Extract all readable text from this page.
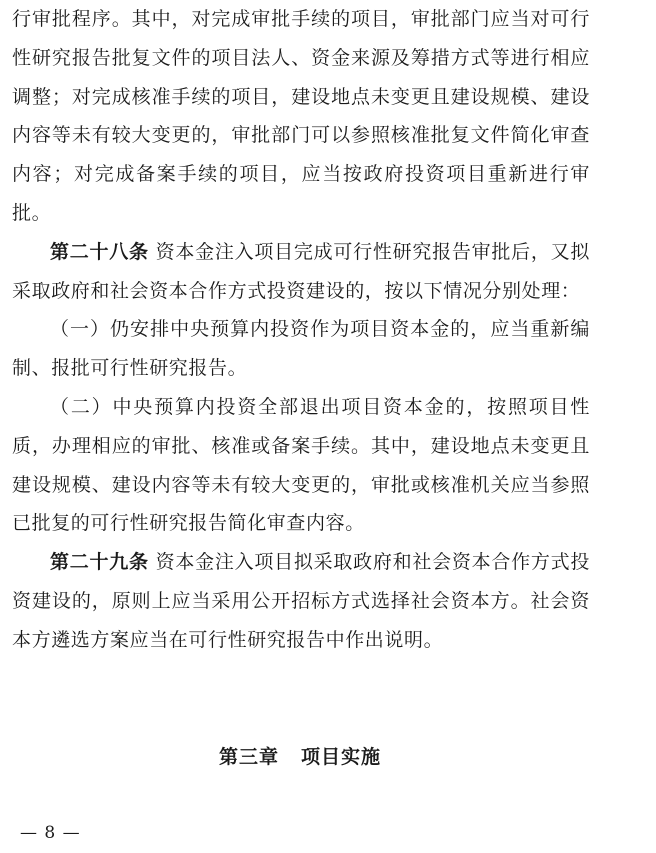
行审批程序。其中，对完成审批手续的项目，审批部门应当对可行性研究报告批复文件的项目法人、资金来源及筹措方式等进行相应调整；对完成核准手续的项目，建设地点未变更且建设规模、建设内容等未有较大变更的，审批部门可以参照核准批复文件简化审查内容；对完成备案手续的项目，应当按政府投资项目重新进行审批。

第二十八条 资本金注入项目完成可行性研究报告审批后，又拟采取政府和社会资本合作方式投资建设的，按以下情况分别处理：

（一）仍安排中央预算内投资作为项目资本金的，应当重新编制、报批可行性研究报告。

（二）中央预算内投资全部退出项目资本金的，按照项目性质，办理相应的审批、核准或备案手续。其中，建设地点未变更且建设规模、建设内容等未有较大变更的，审批或核准机关应当参照已批复的可行性研究报告简化审查内容。

第二十九条 资本金注入项目拟采取政府和社会资本合作方式投资建设的，原则上应当采用公开招标方式选择社会资本方。社会资本方遴选方案应当在可行性研究报告中作出说明。

第三章 项目实施
— 8 —
